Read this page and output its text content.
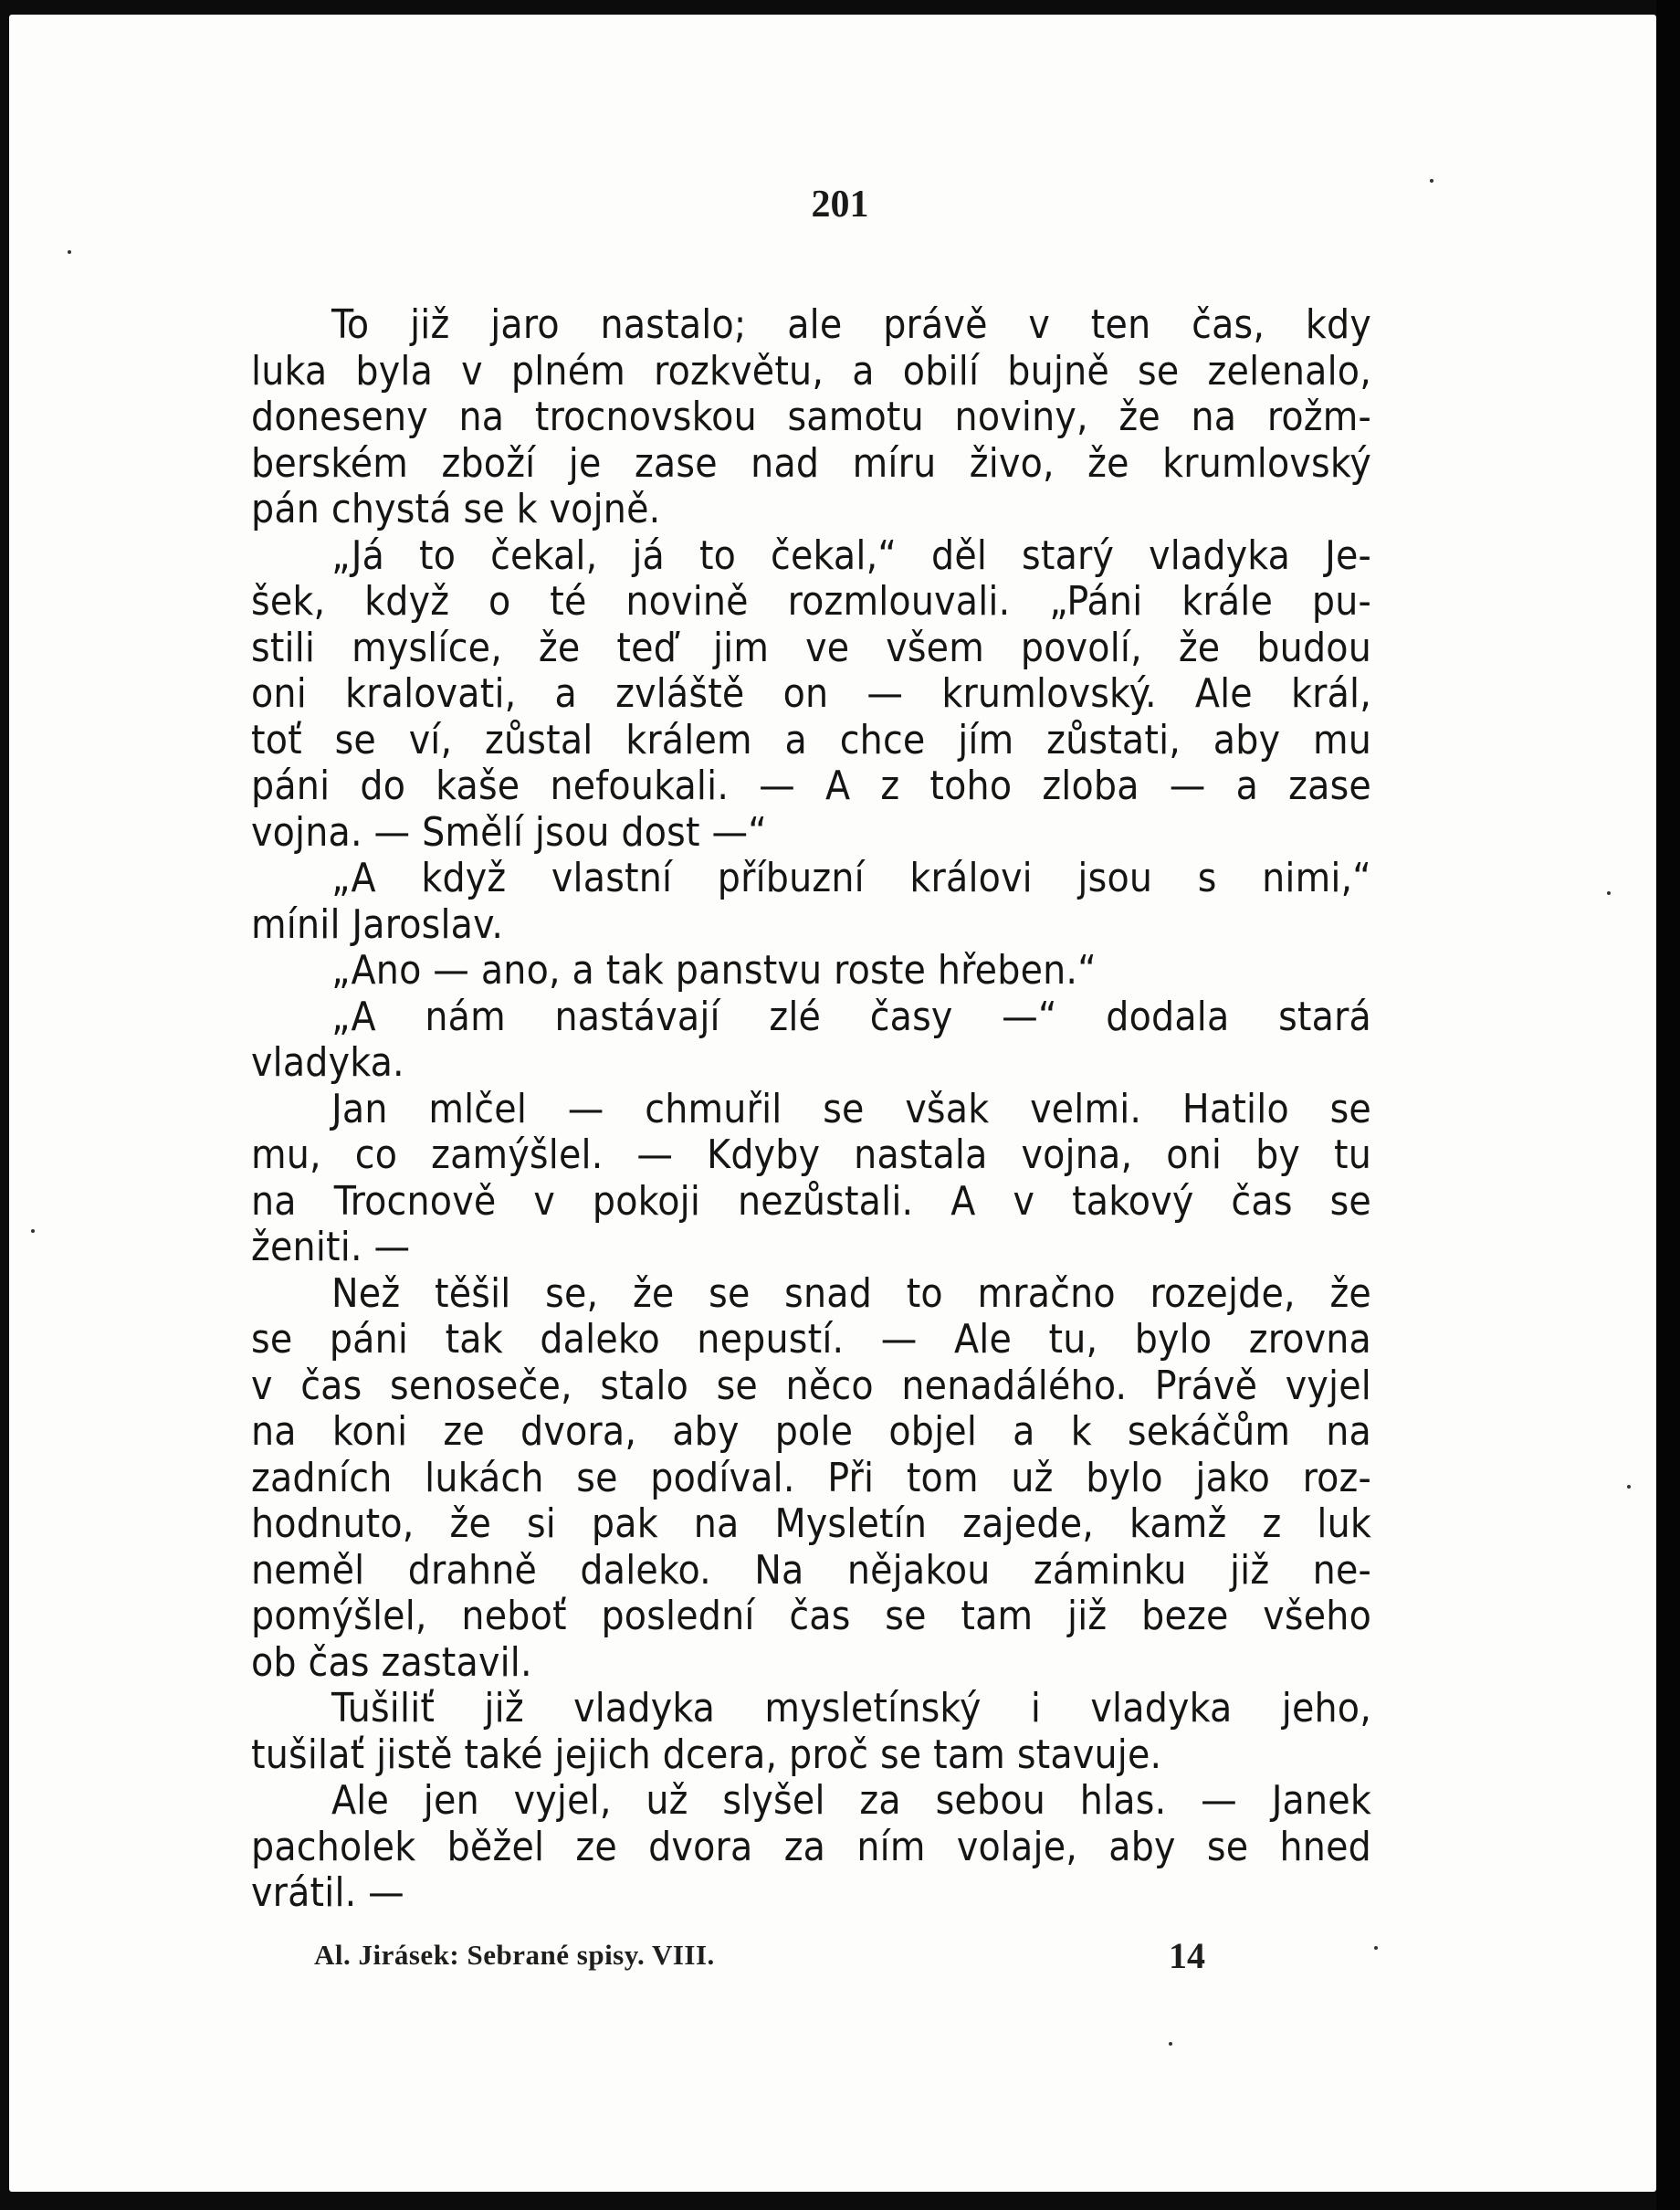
201
To již jaro nastalo; ale právě v ten čas, kdy
luka byla v plném rozkvětu, a obilí bujně se zelenalo,
doneseny na trocnovskou samotu noviny, že na rožm-
berském zboží je zase nad míru živo, že krumlovský
pán chystá se k vojně.
„Já to čekal, já to čekal,“ děl starý vladyka Je-
šek, když o té novině rozmlouvali. „Páni krále pu-
stili myslíce, že teď jim ve všem povolí, že budou
oni kralovati, a zvláště on — krumlovský. Ale král,
toť se ví, zůstal králem a chce jím zůstati, aby mu
páni do kaše nefoukali. — A z toho zloba — a zase
vojna. — Smělí jsou dost —“
„A když vlastní příbuzní královi jsou s nimi,“
mínil Jaroslav.
„Ano — ano, a tak panstvu roste hřeben.“
„A nám nastávají zlé časy —“ dodala stará
vladyka.
Jan mlčel — chmuřil se však velmi. Hatilo se
mu, co zamýšlel. — Kdyby nastala vojna, oni by tu
na Trocnově v pokoji nezůstali. A v takový čas se
ženiti. —
Než těšil se, že se snad to mračno rozejde, že
se páni tak daleko nepustí. — Ale tu, bylo zrovna
v čas senoseče, stalo se něco nenadálého. Právě vyjel
na koni ze dvora, aby pole objel a k sekáčům na
zadních lukách se podíval. Při tom už bylo jako roz-
hodnuto, že si pak na Mysletín zajede, kamž z luk
neměl drahně daleko. Na nějakou záminku již ne-
pomýšlel, neboť poslední čas se tam již beze všeho
ob čas zastavil.
Tušiliť již vladyka mysletínský i vladyka jeho,
tušilať jistě také jejich dcera, proč se tam stavuje.
Ale jen vyjel, už slyšel za sebou hlas. — Janek
pacholek běžel ze dvora za ním volaje, aby se hned
vrátil. —
Al. Jirásek: Sebrané spisy. VIII.	14
